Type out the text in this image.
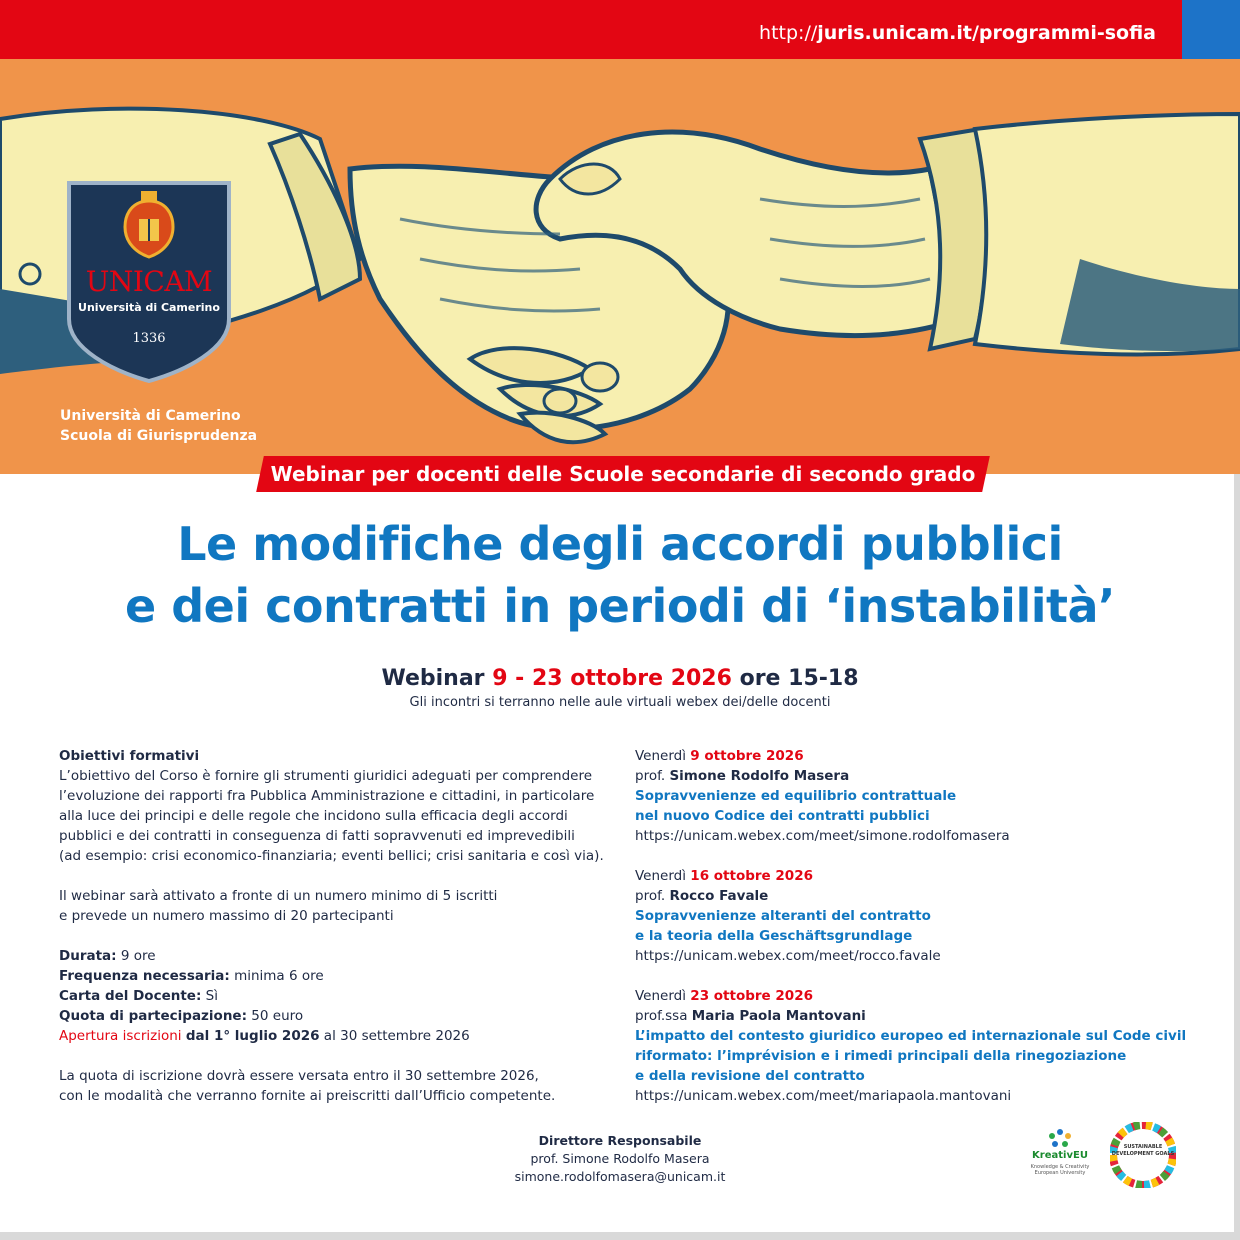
http://juris.unicam.it/programmi-sofia
UNICAM
Università di Camerino
1336
Università di Camerino
Scuola di Giurisprudenza
Webinar per docenti delle Scuole secondarie di secondo grado
Le modifiche degli accordi pubblici
e dei contratti in periodi di ‘instabilità’
Webinar 9 - 23 ottobre 2026 ore 15-18
Gli incontri si terranno nelle aule virtuali webex dei/delle docenti

Obiettivi formativi
L’obiettivo del Corso è fornire gli strumenti giuridici adeguati per comprendere
l’evoluzione dei rapporti fra Pubblica Amministrazione e cittadini, in particolare
alla luce dei principi e delle regole che incidono sulla efficacia degli accordi
pubblici e dei contratti in conseguenza di fatti sopravvenuti ed imprevedibili
(ad esempio: crisi economico-finanziaria; eventi bellici; crisi sanitaria e così via).

Il webinar sarà attivato a fronte di un numero minimo di 5 iscritti
e prevede un numero massimo di 20 partecipanti

Durata: 9 ore
Frequenza necessaria: minima 6 ore
Carta del Docente: Sì
Quota di partecipazione: 50 euro
Apertura iscrizioni dal 1° luglio 2026 al 30 settembre 2026

La quota di iscrizione dovrà essere versata entro il 30 settembre 2026,
con le modalità che verranno fornite ai preiscritti dall’Ufficio competente.

Venerdì 9 ottobre 2026
prof. Simone Rodolfo Masera
Sopravvenienze ed equilibrio contrattuale
nel nuovo Codice dei contratti pubblici
https://unicam.webex.com/meet/simone.rodolfomasera
Venerdì 16 ottobre 2026
prof. Rocco Favale
Sopravvenienze alteranti del contratto
e la teoria della Geschäftsgrundlage
https://unicam.webex.com/meet/rocco.favale
Venerdì 23 ottobre 2026
prof.ssa Maria Paola Mantovani
L’impatto del contesto giuridico europeo ed internazionale sul Code civil
riformato: l’imprévision e i rimedi principali della rinegoziazione
e della revisione del contratto
https://unicam.webex.com/meet/mariapaola.mantovani
Direttore Responsabile
prof. Simone Rodolfo Masera
simone.rodolfomasera@unicam.it
KreativEU
Knowledge & Creativity European University
SUSTAINABLE DEVELOPMENT GOALS
